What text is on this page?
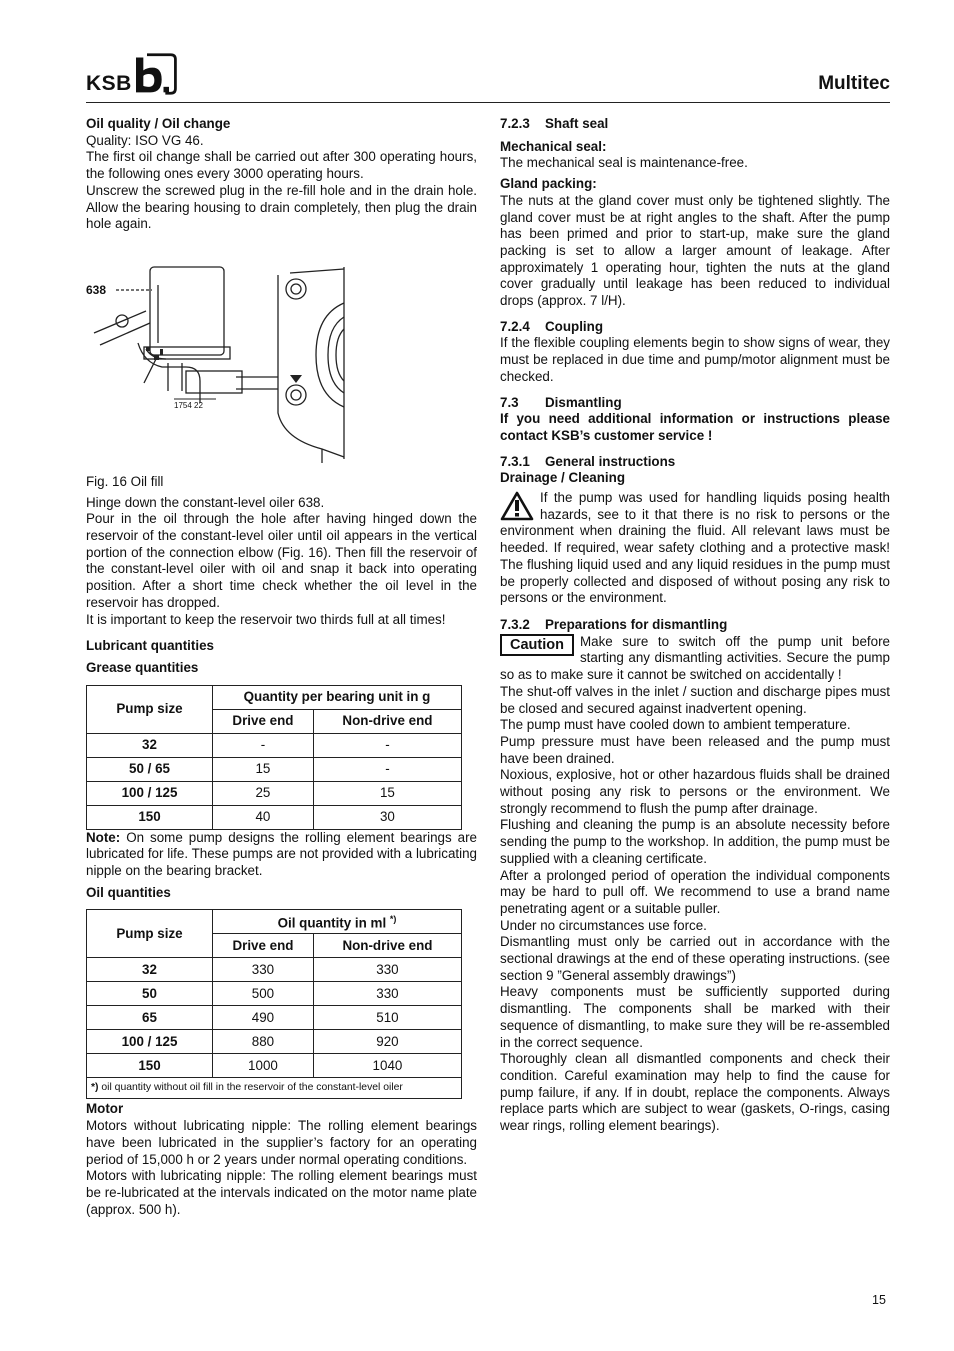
KSB	Multitec

Oil quality / Oil change

Quality: ISO VG 46.

The first oil change shall be carried out after 300 operating hours, the following ones every 3000 operating hours.

Unscrew the screwed plug in the re-fill hole and in the drain hole. Allow the bearing housing to drain completely, then plug the drain hole again.

638
1754 22

Fig. 16 Oil fill

Hinge down the constant-level oiler 638.

Pour in the oil through the hole after having hinged down the reservoir of the constant-level oiler until oil appears in the vertical portion of the connection elbow (Fig. 16). Then fill the reservoir of the constant-level oiler with oil and snap it back into operating position. After a short time check whether the oil level in the reservoir has dropped.

It is important to keep the reservoir two thirds full at all times!

Lubricant quantities

Grease quantities

Pump size	Quantity per bearing unit in g	
	Drive end	Non-drive end
32	-	-
50 / 65	15	-
100 / 125	25	15
150	40	30

Note: On some pump designs the rolling element bearings are lubricated for life. These pumps are not provided with a lubricating nipple on the bearing bracket.

Oil quantities

Pump size	Oil quantity in ml *)
	Drive end	Non-drive end
32	330	330
50	500	330
65	490	510
100 / 125	880	920
150	1000	1040
*) oil quantity without oil fill in the reservoir of the constant-level oiler		

Motor

Motors without lubricating nipple: The rolling element bearings have been lubricated in the supplier’s factory for an operating period of 15,000 h or 2 years under normal operating conditions.

Motors with lubricating nipple: The rolling element bearings must be re-lubricated at the intervals indicated on the motor name plate (approx. 500 h).

7.2.3 Shaft seal

Mechanical seal:

The mechanical seal is maintenance-free.

Gland packing:

The nuts at the gland cover must only be tightened slightly. The gland cover must be at right angles to the shaft. After the pump has been primed and prior to start-up, make sure the gland packing is set to allow a larger amount of leakage. After approximately 1 operating hour, tighten the nuts at the gland cover gradually until leakage has been reduced to individual drops (approx. 7 l/H).

7.2.4 Coupling

If the flexible coupling elements begin to show signs of wear, they must be replaced in due time and pump/motor alignment must be checked.

7.3 Dismantling

If you need additional information or instructions please contact KSB’s customer service !

7.3.1 General instructions

Drainage / Cleaning

If the pump was used for handling liquids posing health hazards, see to it that there is no risk to persons or the environment when draining the fluid. All relevant laws must be heeded. If required, wear safety clothing and a protective mask! The flushing liquid used and any liquid residues in the pump must be properly collected and disposed of without posing any risk to persons or the environment.

7.3.2 Preparations for dismantling

Caution	Make sure to switch off the pump unit before starting any dismantling activities. Secure the pump so as to make sure it cannot be switched on accidentally !

The shut-off valves in the inlet / suction and discharge pipes must be closed and secured against inadvertent opening.

The pump must have cooled down to ambient temperature.

Pump pressure must have been released and the pump must have been drained.

Noxious, explosive, hot or other hazardous fluids shall be drained without posing any risk to persons or the environment. We strongly recommend to flush the pump after drainage.

Flushing and cleaning the pump is an absolute necessity before sending the pump to the workshop. In addition, the pump must be supplied with a cleaning certificate.

After a prolonged period of operation the individual components may be hard to pull off. We recommend to use a brand name penetrating agent or a suitable puller.

Under no circumstances use force.

Dismantling must only be carried out in accordance with the sectional drawings at the end of these operating instructions. (see section 9 ”General assembly drawings”)

Heavy components must be sufficiently supported during dismantling. The components shall be marked with their sequence of dismantling, to make sure they will be re-assembled in the correct sequence.

Thoroughly clean all dismantled components and check their condition. Careful examination may help to find the cause for pump failure, if any. If in doubt, replace the components. Always replace parts which are subject to wear (gaskets, O-rings, casing wear rings, rolling element bearings).

15
